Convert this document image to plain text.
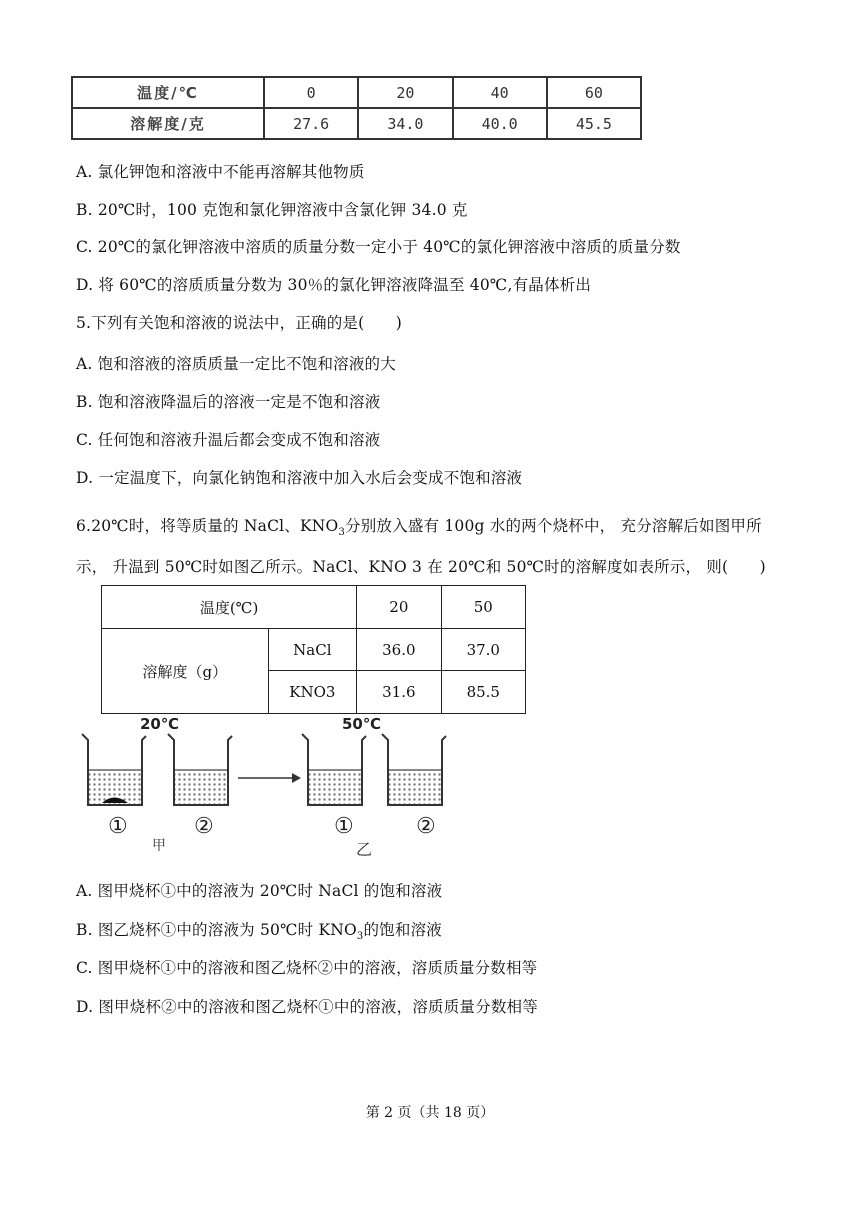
温度/℃	0	20	40	60
溶解度/克	27.6	34.0	40.0	45.5
A. 氯化钾饱和溶液中不能再溶解其他物质
B. 20℃时，100 克饱和氯化钾溶液中含氯化钾 34.0 克
C. 20℃的氯化钾溶液中溶质的质量分数一定小于 40℃的氯化钾溶液中溶质的质量分数
D. 将 60℃的溶质质量分数为 30％的氯化钾溶液降温至 40℃,有晶体析出
5.下列有关饱和溶液的说法中，正确的是(　　)
A. 饱和溶液的溶质质量一定比不饱和溶液的大
B. 饱和溶液降温后的溶液一定是不饱和溶液
C. 任何饱和溶液升温后都会变成不饱和溶液
D. 一定温度下，向氯化钠饱和溶液中加入水后会变成不饱和溶液
6.20℃时，将等质量的 NaCl、$KNO_3$分别放入盛有 100g 水的两个烧杯中， 充分溶解后如图甲所
示， 升温到 50℃时如图乙所示。NaCl、KNO 3 在 20℃和 50℃时的溶解度如表所示， 则(　　)
温度(℃)		20	50
溶解度（g）	NaCl	36.0	37.0
	KNO3	31.6	85.5
20℃	50℃
①	②	①	②
甲	乙
A. 图甲烧杯①中的溶液为 20℃时 NaCl 的饱和溶液
B. 图乙烧杯①中的溶液为 50℃时 $KNO_3$的饱和溶液
C. 图甲烧杯①中的溶液和图乙烧杯②中的溶液，溶质质量分数相等
D. 图甲烧杯②中的溶液和图乙烧杯①中的溶液，溶质质量分数相等
第 2 页（共 18 页）
